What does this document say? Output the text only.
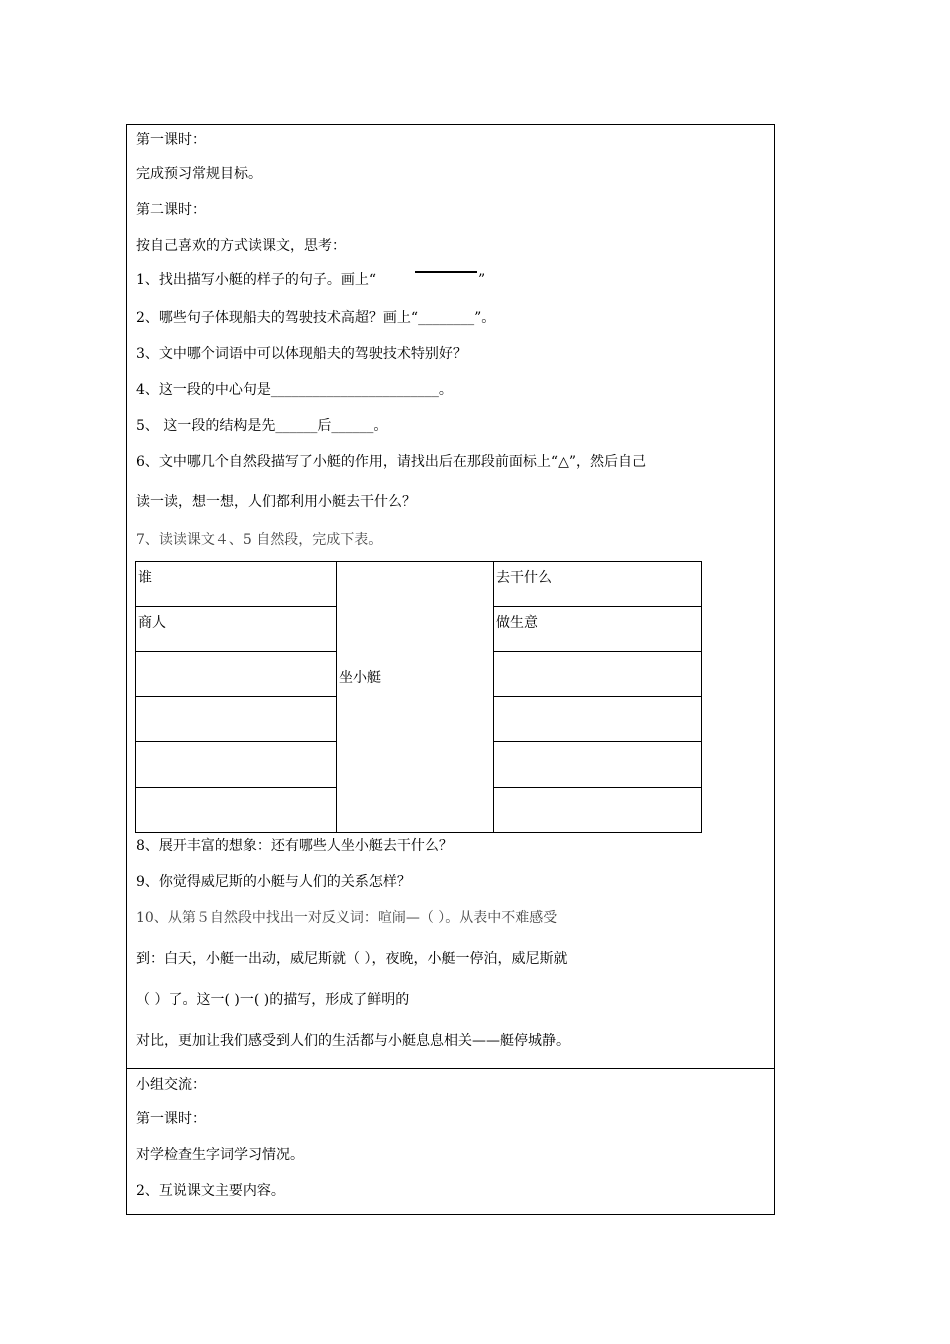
第一课时：
完成预习常规目标。
第二课时：
按自己喜欢的方式读课文，思考：
1、找出描写小艇的样子的句子。画上“	”
2、哪些句子体现船夫的驾驶技术高超？画上“________”。
3、文中哪个词语中可以体现船夫的驾驶技术特别好？
4、这一段的中心句是________________________。
5、 这一段的结构是先______后______。
6、文中哪几个自然段描写了小艇的作用，请找出后在那段前面标上“△”，然后自己
读一读，想一想，人们都利用小艇去干什么？
7、读读课文４、5 自然段，完成下表。
谁
商人
坐小艇
去干什么
做生意
8、展开丰富的想象：还有哪些人坐小艇去干什么？
9、你觉得威尼斯的小艇与人们的关系怎样？
10、从第５自然段中找出一对反义词：喧闹—（ ）。从表中不难感受
到：白天，小艇一出动，威尼斯就（ ），夜晚，小艇一停泊，威尼斯就
（ ）了。这一( )一( )的描写，形成了鲜明的
对比，更加让我们感受到人们的生活都与小艇息息相关——艇停城静。
小组交流：
第一课时：
对学检查生字词学习情况。
2、互说课文主要内容。
